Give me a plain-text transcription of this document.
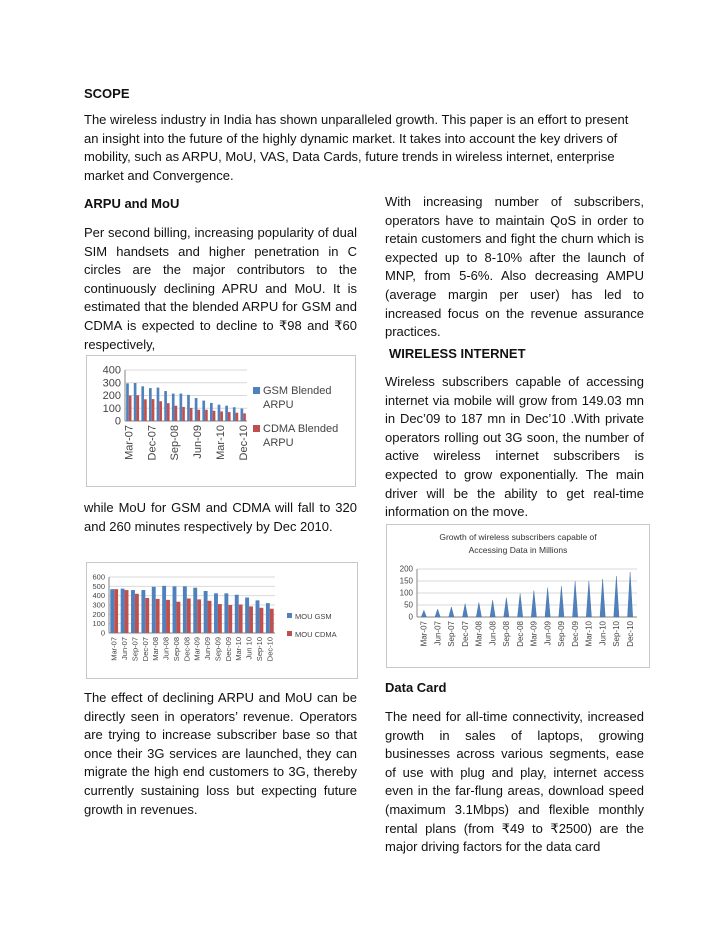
SCOPE
The wireless industry in India has shown unparalleled growth. This paper is an effort to present
an insight into the future of the highly dynamic market. It takes into account the key drivers of
mobility, such as ARPU, MoU, VAS, Data Cards, future trends in wireless internet, enterprise
market and Convergence.
ARPU and MoU
Per second billing, increasing popularity of dual SIM handsets and higher penetration in C circles are the major contributors to the continuously declining APRU and MoU. It is estimated that the blended ARPU for GSM and CDMA is expected to decline to ₹98 and ₹60 respectively,
0
100
200
300
400
Mar-07 Dec-07 Sep-08 Jun-09 Mar-10 Dec-10
GSM Blended
ARPU
CDMA Blended
ARPU
while MoU for GSM and CDMA will fall to 320 and 260 minutes respectively by Dec 2010.
0
100
200
300
400
500
600
Mar-07 Jun-07 Sep-07 Dec-07 Mar-08 Jun-08 Sep-08 Dec-08 Mar-09 Jun-09 Sep-09 Dec-09 Mar-10 Jun 10 Sep-10 Dec-10
MOU GSM
MOU CDMA
The effect of declining ARPU and MoU can be directly seen in operators’ revenue. Operators are trying to increase subscriber base so that once their 3G services are launched, they can migrate the high end customers to 3G, thereby currently sustaining loss but expecting future growth in revenues.
With increasing number of subscribers, operators have to maintain QoS in order to retain customers and fight the churn which is expected up to 8-10% after the launch of MNP, from 5-6%. Also decreasing AMPU (average margin per user) has led to increased focus on the revenue assurance practices.
WIRELESS INTERNET
Wireless subscribers capable of accessing internet via mobile will grow from 149.03 mn in Dec’09 to 187 mn in Dec’10 .With private operators rolling out 3G soon, the number of active wireless internet subscribers is expected to grow exponentially. The main driver will be the ability to get real-time information on the move.
0
50
100
150
200
Mar-07 Jun-07 Sep-07 Dec-07 Mar-08 Jun-08 Sep-08 Dec-08 Mar-09 Jun-09 Sep-09 Dec-09 Mar-10 Jun-10 Sep-10 Dec-10
Growth of wireless subscribers capable of
Accessing Data in Millions
Data Card
The need for all-time connectivity, increased growth in sales of laptops, growing businesses across various segments, ease of use with plug and play, internet access even in the far-flung areas, download speed (maximum 3.1Mbps) and flexible monthly rental plans (from ₹49 to ₹2500) are the major driving factors for the data card
